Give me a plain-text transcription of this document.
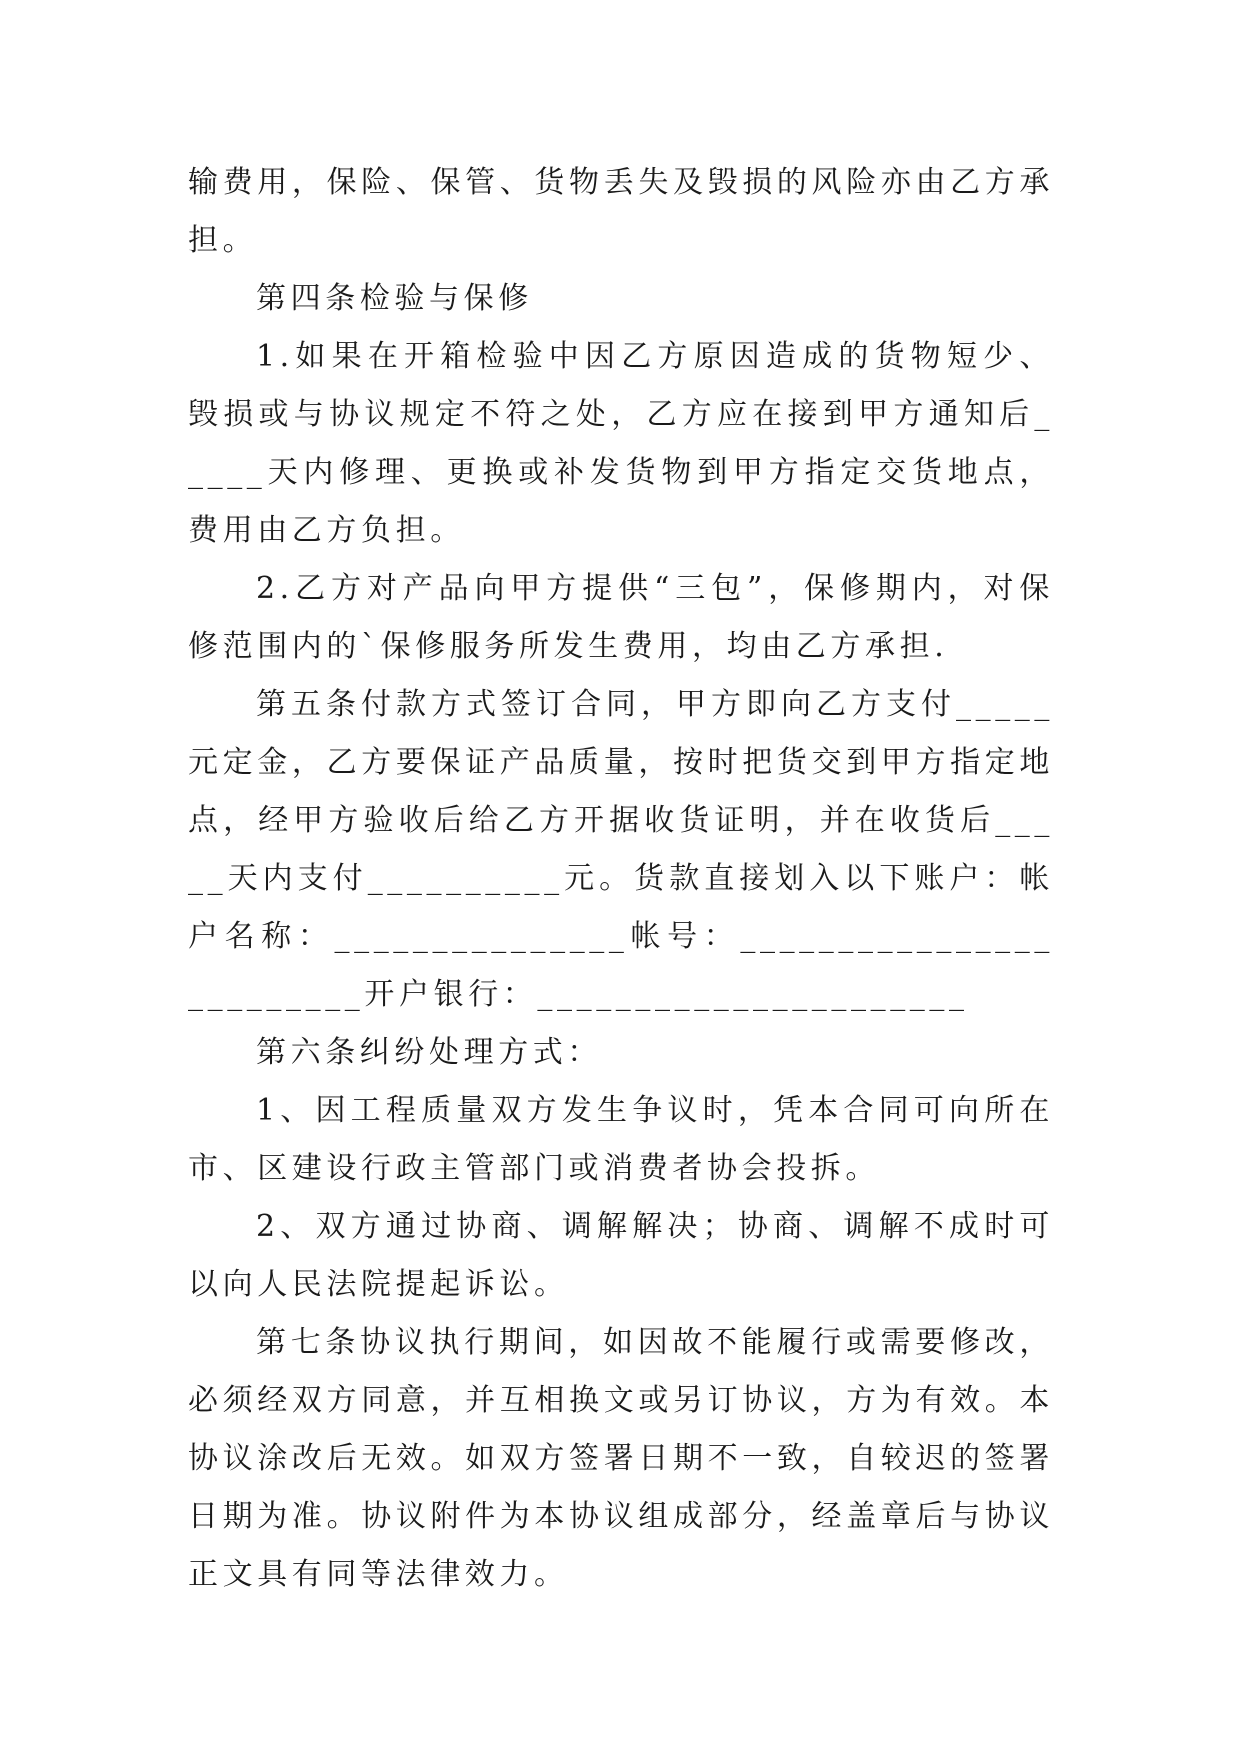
输费用，保险、保管、货物丢失及毁损的风险亦由乙方承担。

第四条检验与保修

1.如果在开箱检验中因乙方原因造成的货物短少、毁损或与协议规定不符之处，乙方应在接到甲方通知后_____天内修理、更换或补发货物到甲方指定交货地点，费用由乙方负担。

2.乙方对产品向甲方提供“三包”，保修期内，对保修范围内的`保修服务所发生费用，均由乙方承担.

第五条付款方式签订合同，甲方即向乙方支付_____元定金，乙方要保证产品质量，按时把货交到甲方指定地点，经甲方验收后给乙方开据收货证明，并在收货后_____天内支付__________元。货款直接划入以下账户：帐户名称：_______________帐号：_________________________开户银行：______________________

第六条纠纷处理方式：

1、因工程质量双方发生争议时，凭本合同可向所在市、区建设行政主管部门或消费者协会投拆。

2、双方通过协商、调解解决；协商、调解不成时可以向人民法院提起诉讼。

第七条协议执行期间，如因故不能履行或需要修改，必须经双方同意，并互相换文或另订协议，方为有效。本协议涂改后无效。如双方签署日期不一致，自较迟的签署日期为准。协议附件为本协议组成部分，经盖章后与协议正文具有同等法律效力。
